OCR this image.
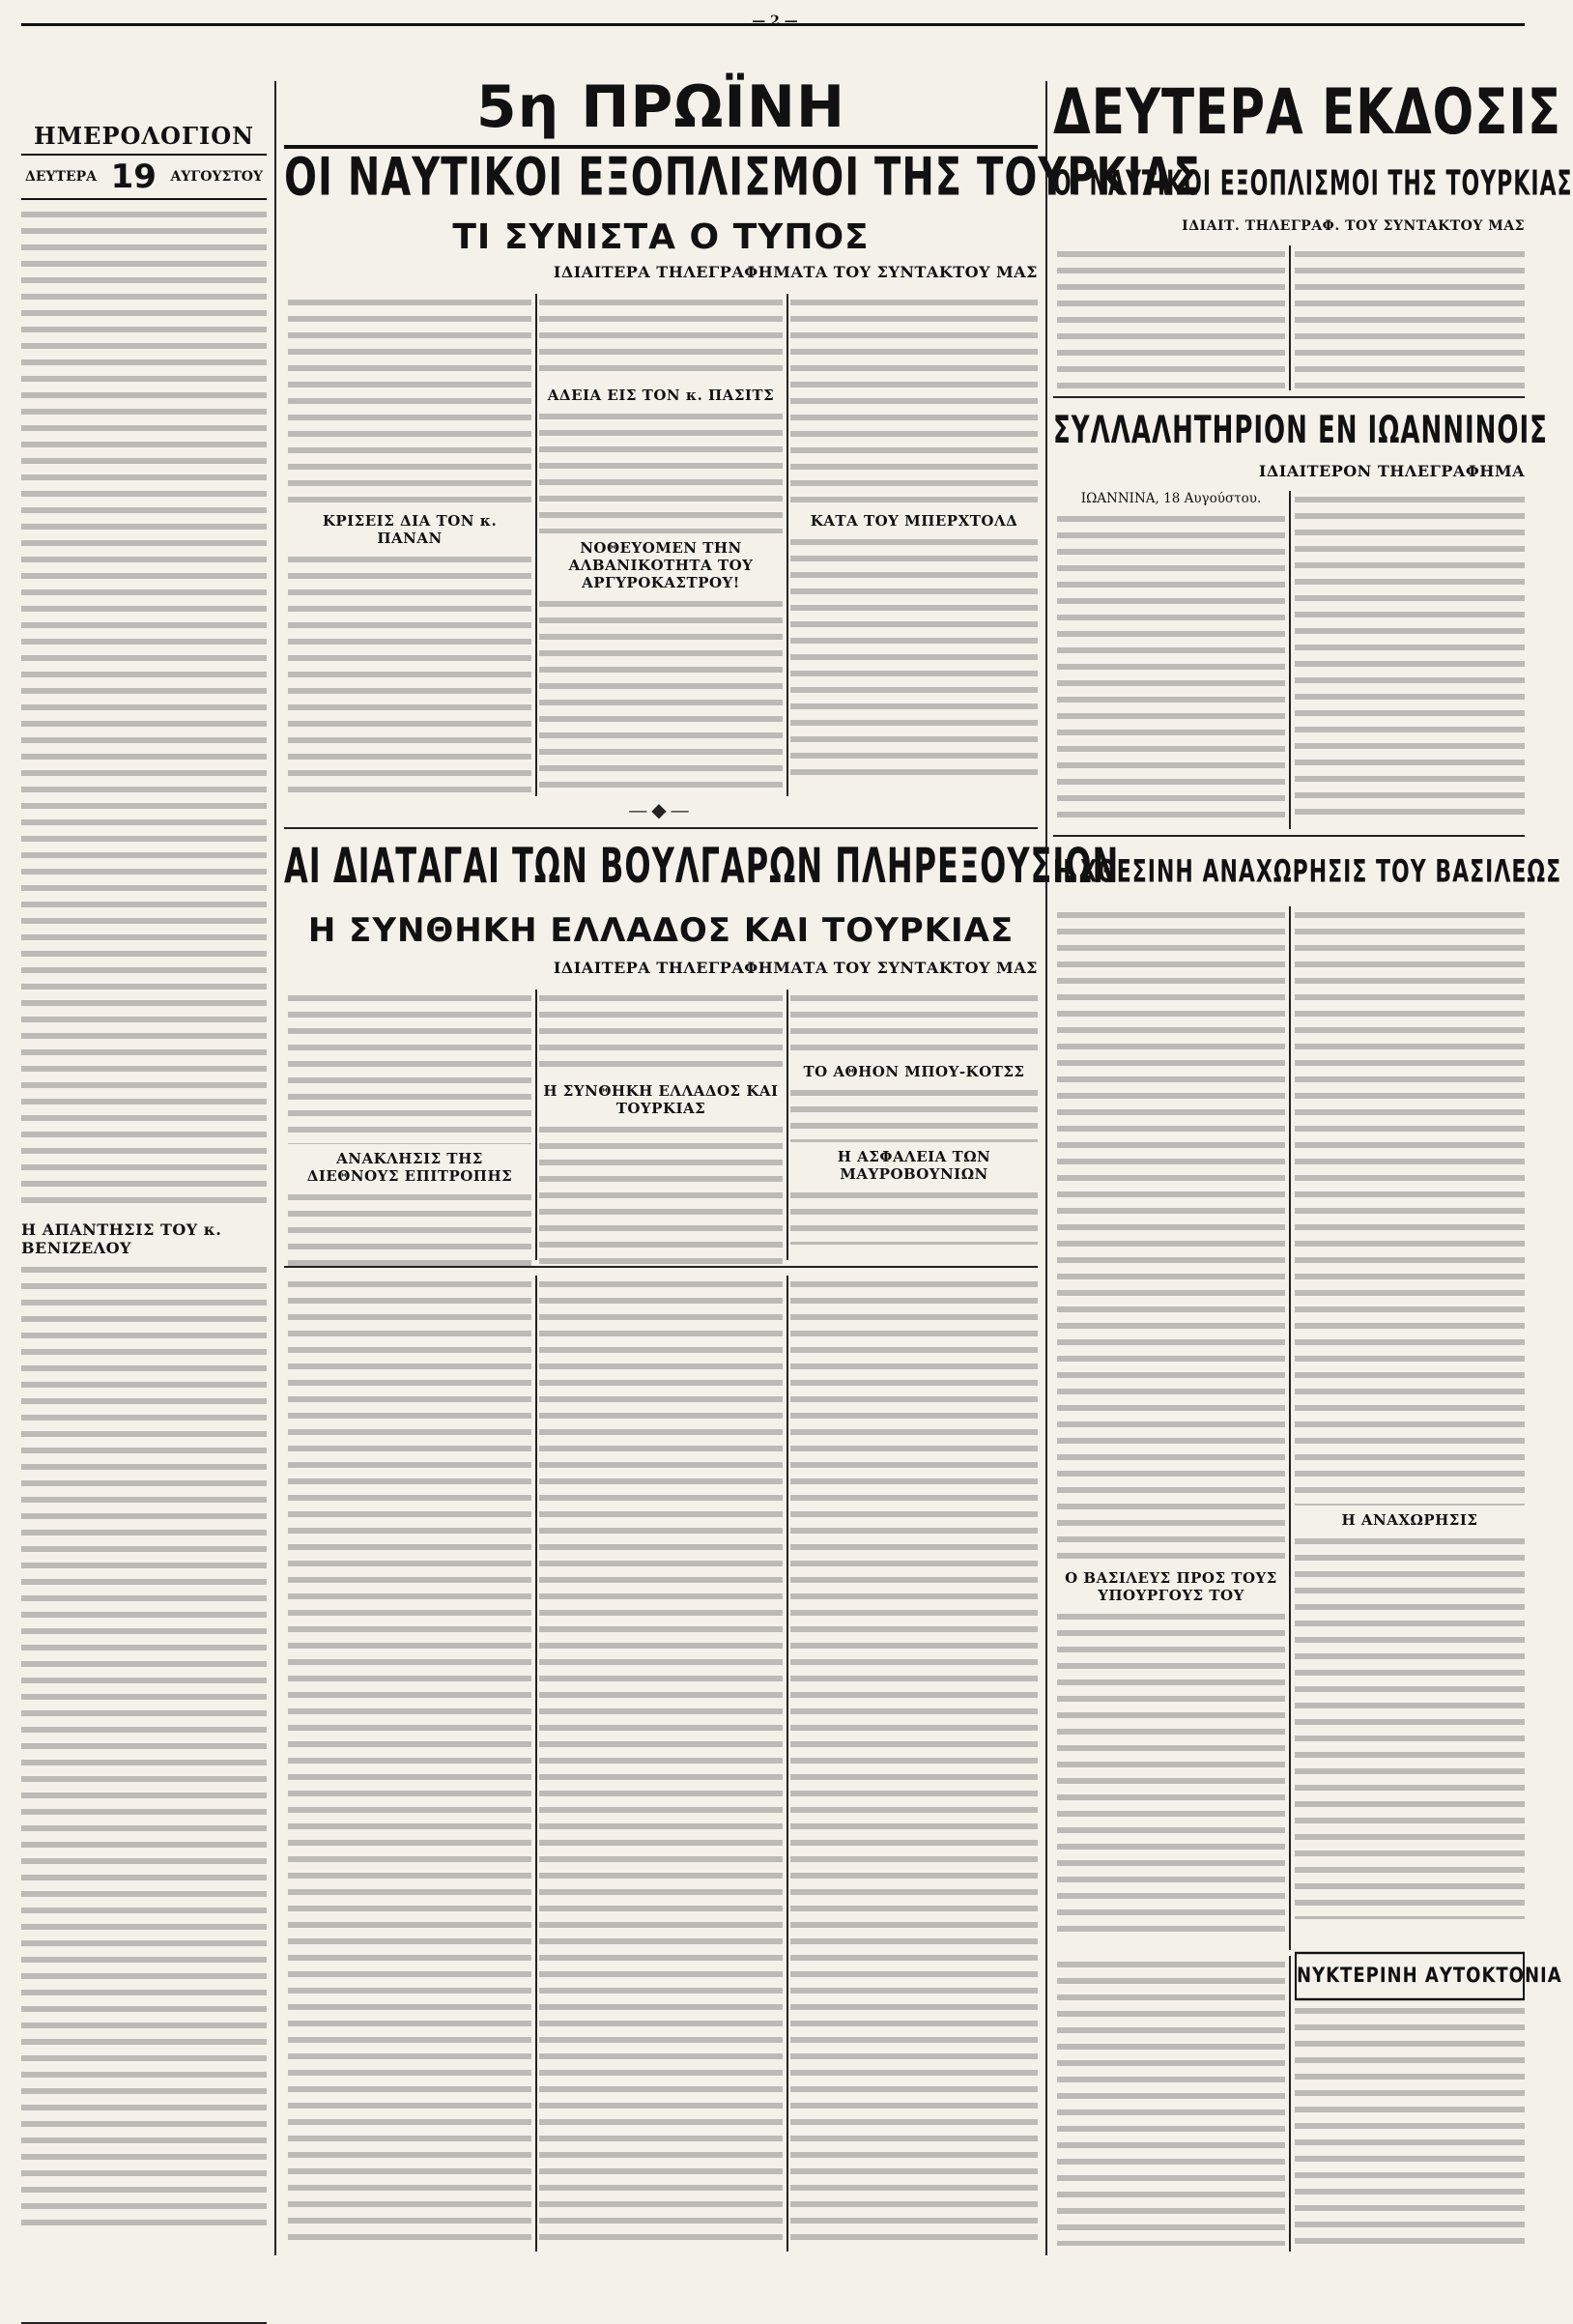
— 2 —
ΗΜΕΡΟΛΟΓΙΟΝ
ΔΕΥΤΕΡΑ 19 ΑΥΓΟΥΣΤΟΥ
Η ΑΠΑΝΤΗΣΙΣ ΤΟΥ κ. ΒΕΝΙΖΕΛΟΥ
5η ΠΡΩΪΝΗ
ΟΙ ΝΑΥΤΙΚΟΙ ΕΞΟΠΛΙΣΜΟΙ ΤΗΣ ΤΟΥΡΚΙΑΣ
ΤΙ ΣΥΝΙΣΤΑ Ο ΤΥΠΟΣ
ΙΔΙΑΙΤΕΡΑ ΤΗΛΕΓΡΑΦΗΜΑΤΑ ΤΟΥ ΣΥΝΤΑΚΤΟΥ ΜΑΣ
ΚΡΙΣΕΙΣ ΔΙΑ ΤΟΝ κ. ΠΑΝΑΝ
ΑΔΕΙΑ ΕΙΣ ΤΟΝ κ. ΠΑΣΙΤΣ
ΝΟΘΕΥΟΜΕΝ ΤΗΝ ΑΛΒΑΝΙΚΟΤΗΤΑ ΤΟΥ ΑΡΓΥΡΟΚΑΣΤΡΟΥ!
ΚΑΤΑ ΤΟΥ ΜΠΕΡΧΤΟΛΔ
—◆—
ΑΙ ΔΙΑΤΑΓΑΙ ΤΩΝ ΒΟΥΛΓΑΡΩΝ ΠΛΗΡΕΞΟΥΣΙΩΝ
Η ΣΥΝΘΗΚΗ ΕΛΛΑΔΟΣ ΚΑΙ ΤΟΥΡΚΙΑΣ
ΙΔΙΑΙΤΕΡΑ ΤΗΛΕΓΡΑΦΗΜΑΤΑ ΤΟΥ ΣΥΝΤΑΚΤΟΥ ΜΑΣ
ΑΝΑΚΛΗΣΙΣ ΤΗΣ ΔΙΕΘΝΟΥΣ ΕΠΙΤΡΟΠΗΣ
Η ΣΥΝΘΗΚΗ ΕΛΛΑΔΟΣ ΚΑΙ ΤΟΥΡΚΙΑΣ
ΤΟ ΑΘΗΟΝ ΜΠΟΥ-ΚΟΤΣΣ
Η ΑΣΦΑΛΕΙΑ ΤΩΝ ΜΑΥΡΟΒΟΥΝΙΩΝ
ΔΕΥΤΕΡΑ ΕΚΔΟΣΙΣ
ΟΙ ΝΑΥΤΙΚΟΙ ΕΞΟΠΛΙΣΜΟΙ ΤΗΣ ΤΟΥΡΚΙΑΣ
ΙΔΙΑΙΤ. ΤΗΛΕΓΡΑΦ. ΤΟΥ ΣΥΝΤΑΚΤΟΥ ΜΑΣ
ΣΥΛΛΑΛΗΤΗΡΙΟΝ ΕΝ ΙΩΑΝΝΙΝΟΙΣ
ΙΔΙΑΙΤΕΡΟΝ ΤΗΛΕΓΡΑΦΗΜΑ
ΙΩΑΝΝΙΝΑ, 18 Αυγούστου.
Η ΧΘΕΣΙΝΗ ΑΝΑΧΩΡΗΣΙΣ ΤΟΥ ΒΑΣΙΛΕΩΣ
Ο ΒΑΣΙΛΕΥΣ ΠΡΟΣ ΤΟΥΣ ΥΠΟΥΡΓΟΥΣ ΤΟΥ
Η ΑΝΑΧΩΡΗΣΙΣ
ΝΥΚΤΕΡΙΝΗ ΑΥΤΟΚΤΟΝΙΑ
